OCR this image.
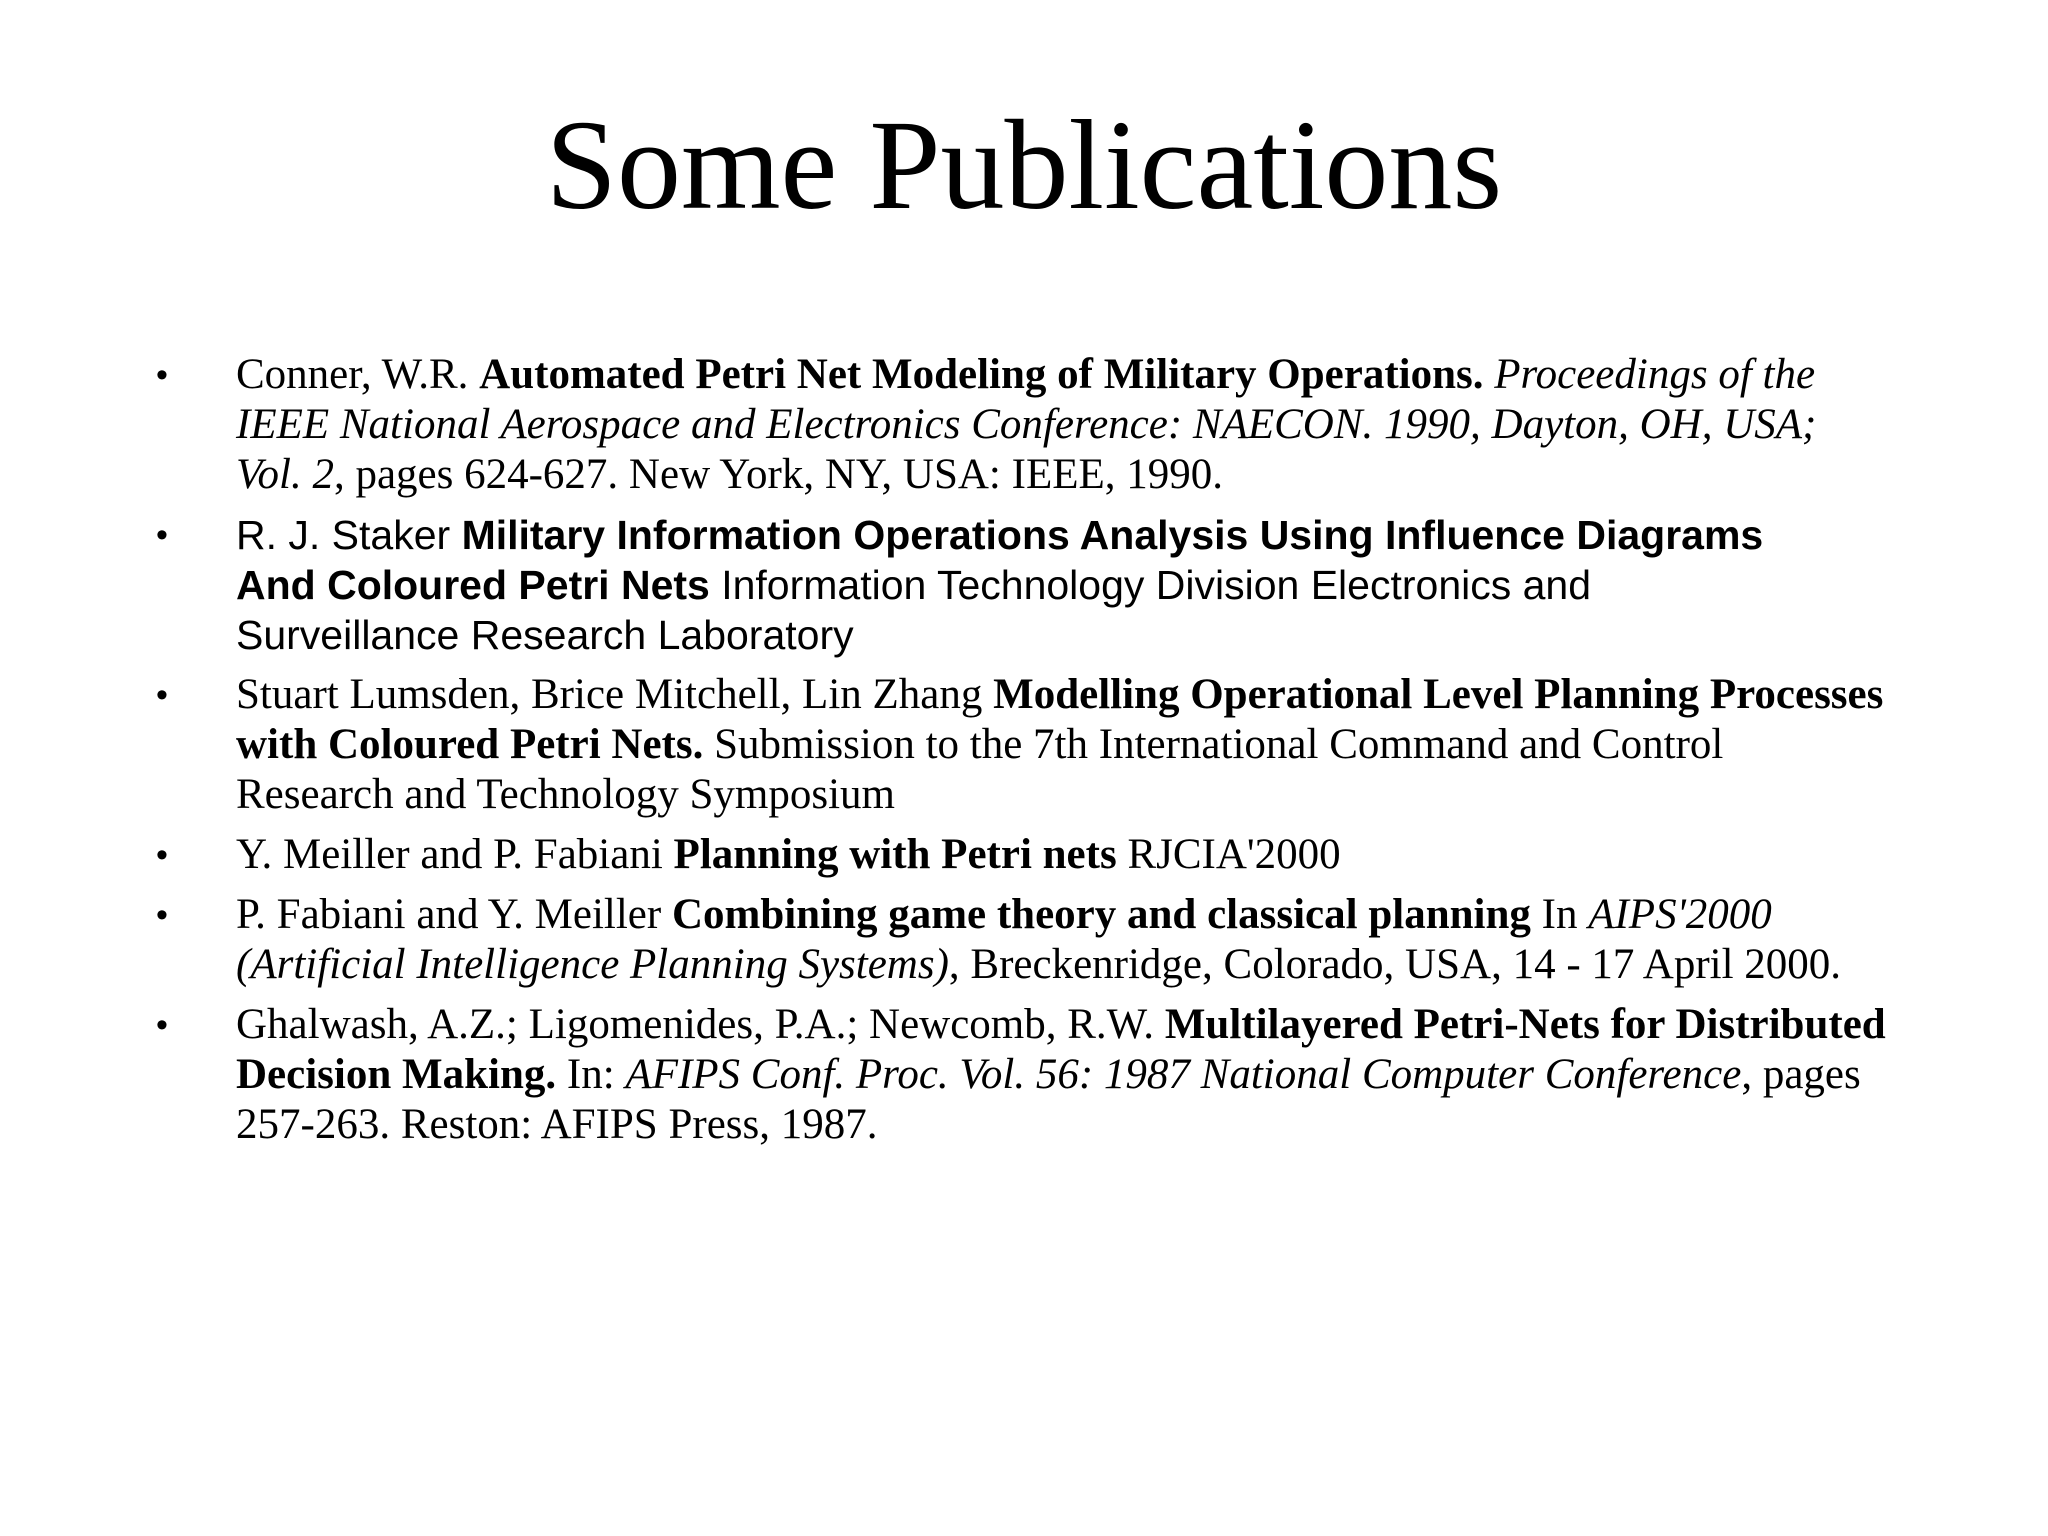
Some Publications
• Conner, W.R. Automated Petri Net Modeling of Military Operations. Proceedings of the IEEE National Aerospace and Electronics Conference: NAECON. 1990, Dayton, OH, USA; Vol. 2, pages 624-627. New York, NY, USA: IEEE, 1990.
• R. J. Staker Military Information Operations Analysis Using Influence Diagrams And Coloured Petri Nets Information Technology Division Electronics and Surveillance Research Laboratory
• Stuart Lumsden, Brice Mitchell, Lin Zhang Modelling Operational Level Planning Processes with Coloured Petri Nets. Submission to the 7th International Command and Control Research and Technology Symposium
• Y. Meiller and P. Fabiani Planning with Petri nets RJCIA'2000
• P. Fabiani and Y. Meiller Combining game theory and classical planning In AIPS'2000 (Artificial Intelligence Planning Systems), Breckenridge, Colorado, USA, 14 - 17 April 2000.
• Ghalwash, A.Z.; Ligomenides, P.A.; Newcomb, R.W. Multilayered Petri-Nets for Distributed Decision Making. In: AFIPS Conf. Proc. Vol. 56: 1987 National Computer Conference, pages 257-263. Reston: AFIPS Press, 1987.
